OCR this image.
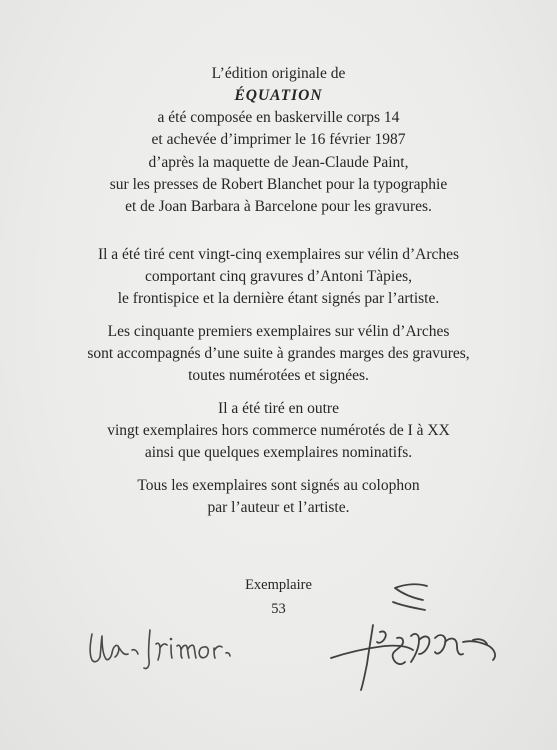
L’édition originale de
ÉQUATION
a été composée en baskerville corps 14
et achevée d’imprimer le 16 février 1987
d’après la maquette de Jean-Claude Paint,
sur les presses de Robert Blanchet pour la typographie
et de Joan Barbara à Barcelone pour les gravures.
Il a été tiré cent vingt-cinq exemplaires sur vélin d’Arches
comportant cinq gravures d’Antoni Tàpies,
le frontispice et la dernière étant signés par l’artiste.
Les cinquante premiers exemplaires sur vélin d’Arches
sont accompagnés d’une suite à grandes marges des gravures,
toutes numérotées et signées.
Il a été tiré en outre
vingt exemplaires hors commerce numérotés de I à XX
ainsi que quelques exemplaires nominatifs.
Tous les exemplaires sont signés au colophon
par l’auteur et l’artiste.
Exemplaire
53
